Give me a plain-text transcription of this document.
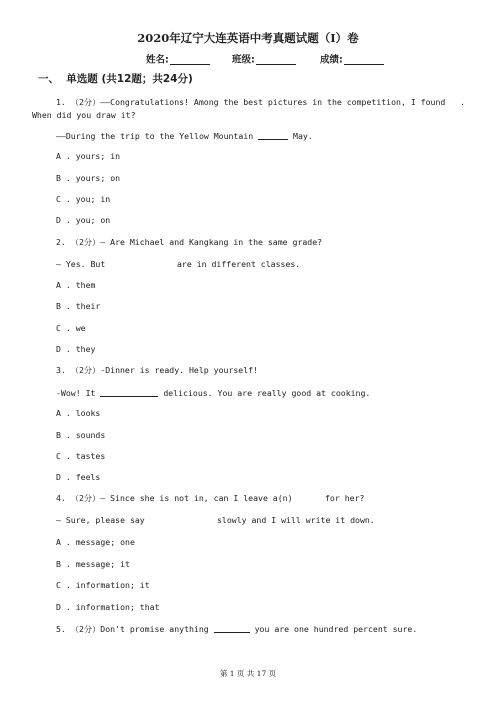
2020年辽宁大连英语中考真题试题（I）卷
姓名:	班级:	成绩:
一、  单选题 (共12题；共24分)
1. （2分）——Congratulations! Among the best pictures in the competition, I found .
When did you draw it?
——During the trip to the Yellow Mountain	May.
A . yours; in
B . yours; on
C . you; in
D . you; on
2. （2分）— Are Michael and Kangkang in the same grade?
— Yes. But	are in different classes.
A . them
B . their
C . we
D . they
3. （2分）-Dinner is ready. Help yourself!
-Wow! It	delicious. You are really good at cooking.
A . looks
B . sounds
C . tastes
D . feels
4. （2分）— Since she is not in, can I leave a(n)	for her?
— Sure, please say	slowly and I will write it down.
A . message; one
B . message; it
C . information; it
D . information; that
5. （2分）Don't promise anything	you are one hundred percent sure.
第 1 页 共 17 页
